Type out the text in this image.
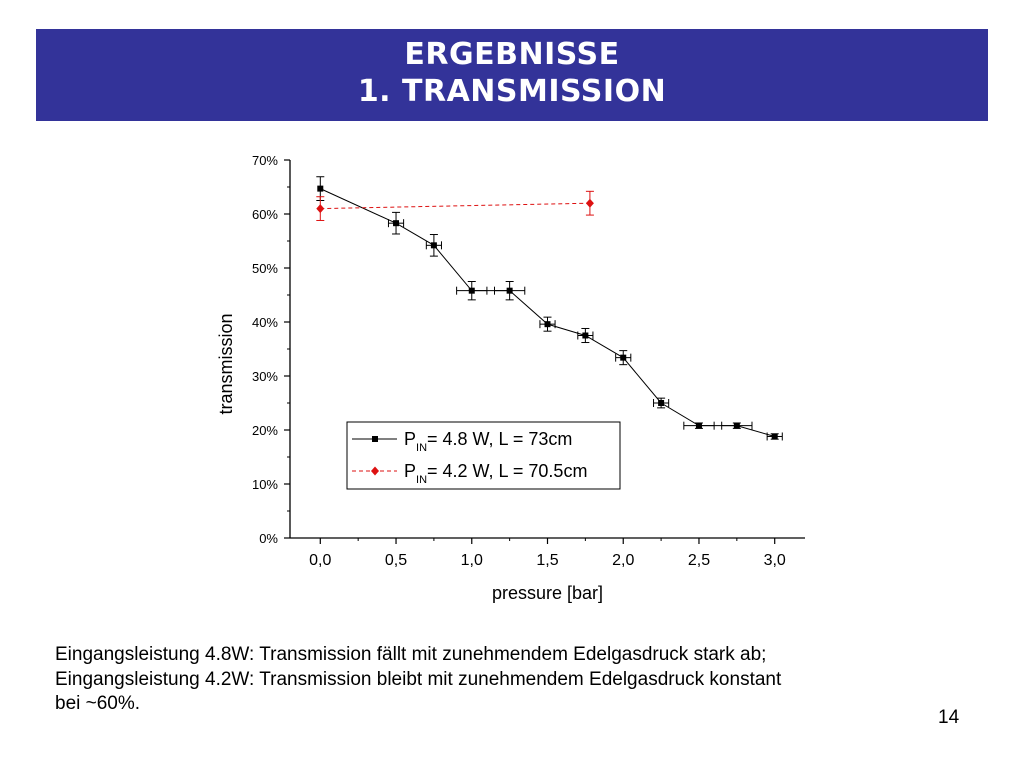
ERGEBNISSE
1. TRANSMISSION
0%
10%
20%
30%
40%
50%
60%
70%
0,0	0,5	1,0	1,5	2,0	2,5	3,0
pressure [bar]
transmission
$P_{IN}= 4.8$ W, L = 73cm
$P_{IN}= 4.2$ W, L = 70.5cm
Eingangsleistung 4.8W: Transmission fällt mit zunehmendem Edelgasdruck stark ab;
Eingangsleistung 4.2W: Transmission bleibt mit zunehmendem Edelgasdruck konstant
bei ~60%.
14
